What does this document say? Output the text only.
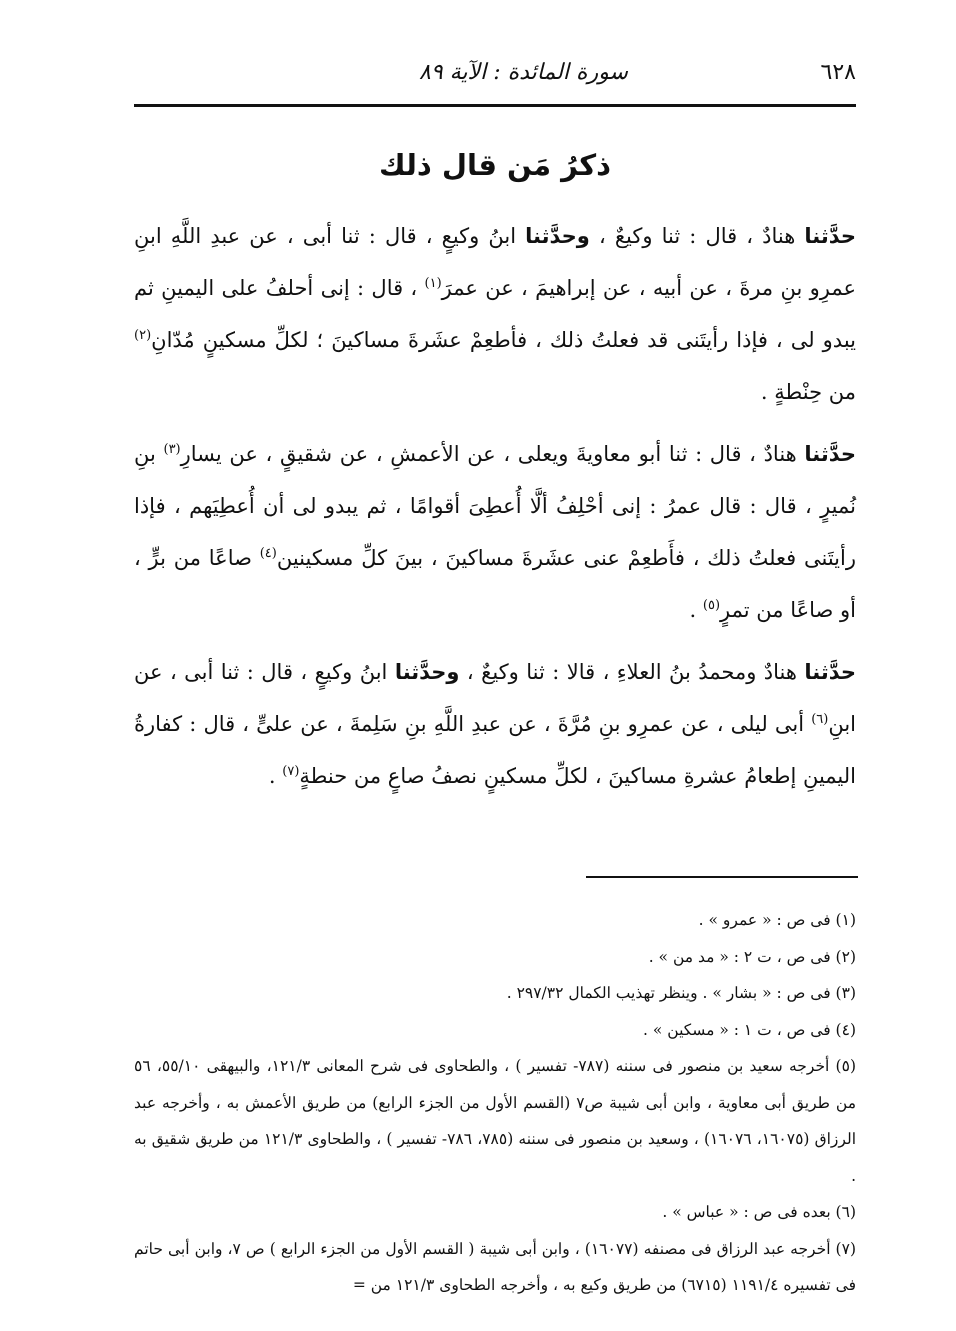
٦٢٨
سورة المائدة : الآية ٨٩
ذكرُ مَن قال ذلك

حدَّثنا هنادٌ ، قال : ثنا وكيعٌ ، وحدَّثنا ابنُ وكيعٍ ، قال : ثنا أبى ، عن عبدِ اللَّهِ ابنِ عمرِو بنِ مرةَ ، عن أبيه ، عن إبراهيمَ ، عن عمرَ$^{(١)}$ ، قال : إنى أحلفُ على اليمينِ ثم يبدو لى ، فإذا رأيتَنى قد فعلتُ ذلك ، فأطعِمْ عشَرةَ مساكينَ ؛ لكلِّ مسكينٍ مُدّانِ$^{(٢)}$ من حِنْطةٍ .

حدَّثنا هنادٌ ، قال : ثنا أبو معاويةَ ويعلى ، عن الأعمشِ ، عن شقيقٍ ، عن يسارِ$^{(٣)}$ بنِ نُميرٍ ، قال : قال عمرُ : إنى أحْلِفُ ألَّا أُعطِىَ أقوامًا ، ثم يبدو لى أن أُعطِيَهم ، فإذا رأيتَنى فعلتُ ذلك ، فأَطعِمْ عنى عشَرةَ مساكينَ ، بينَ كلِّ مسكينين$^{(٤)}$ صاعًا من برٍّ ، أو صاعًا من تمرٍ$^{(٥)}$ .

حدَّثنا هنادٌ ومحمدُ بنُ العلاءِ ، قالا : ثنا وكيعٌ ، وحدَّثنا ابنُ وكيعٍ ، قال : ثنا أبى ، عن ابنِ$^{(٦)}$ أبى ليلى ، عن عمرِو بنِ مُرَّةَ ، عن عبدِ اللَّهِ بنِ سَلِمةَ ، عن علىٍّ ، قال : كفارةُ اليمينِ إطعامُ عشرةِ مساكينَ ، لكلِّ مسكينٍ نصفُ صاعٍ من حنطةٍ$^{(٧)}$ .

(١) فى ص : « عمرو » .

(٢) فى ص ، ت ٢ : « مد من » .

(٣) فى ص : « بشار » . وينظر تهذيب الكمال ٢٩٧/٣٢ .

(٤) فى ص ، ت ١ : « مسكين » .

(٥) أخرجه سعيد بن منصور فى سننه (٧٨٧- تفسير ) ، والطحاوى فى شرح المعانى ١٢١/٣، والبيهقى ٥٥/١٠، ٥٦ من طريق أبى معاوية ، وابن أبى شيبة ص٧ (القسم الأول من الجزء الرابع) من طريق الأعمش به ، وأخرجه عبد الرزاق (١٦٠٧٥، ١٦٠٧٦) ، وسعيد بن منصور فى سننه (٧٨٥، ٧٨٦- تفسير ) ، والطحاوى ١٢١/٣ من طريق شقيق به .

(٦) بعده فى ص : « عباس » .

(٧) أخرجه عبد الرزاق فى مصنفه (١٦٠٧٧) ، وابن أبى شيبة ( القسم الأول من الجزء الرابع ) ص ٧، وابن أبى حاتم فى تفسيره ١١٩١/٤ (٦٧١٥) من طريق وكيع به ، وأخرجه الطحاوى ١٢١/٣ من =
